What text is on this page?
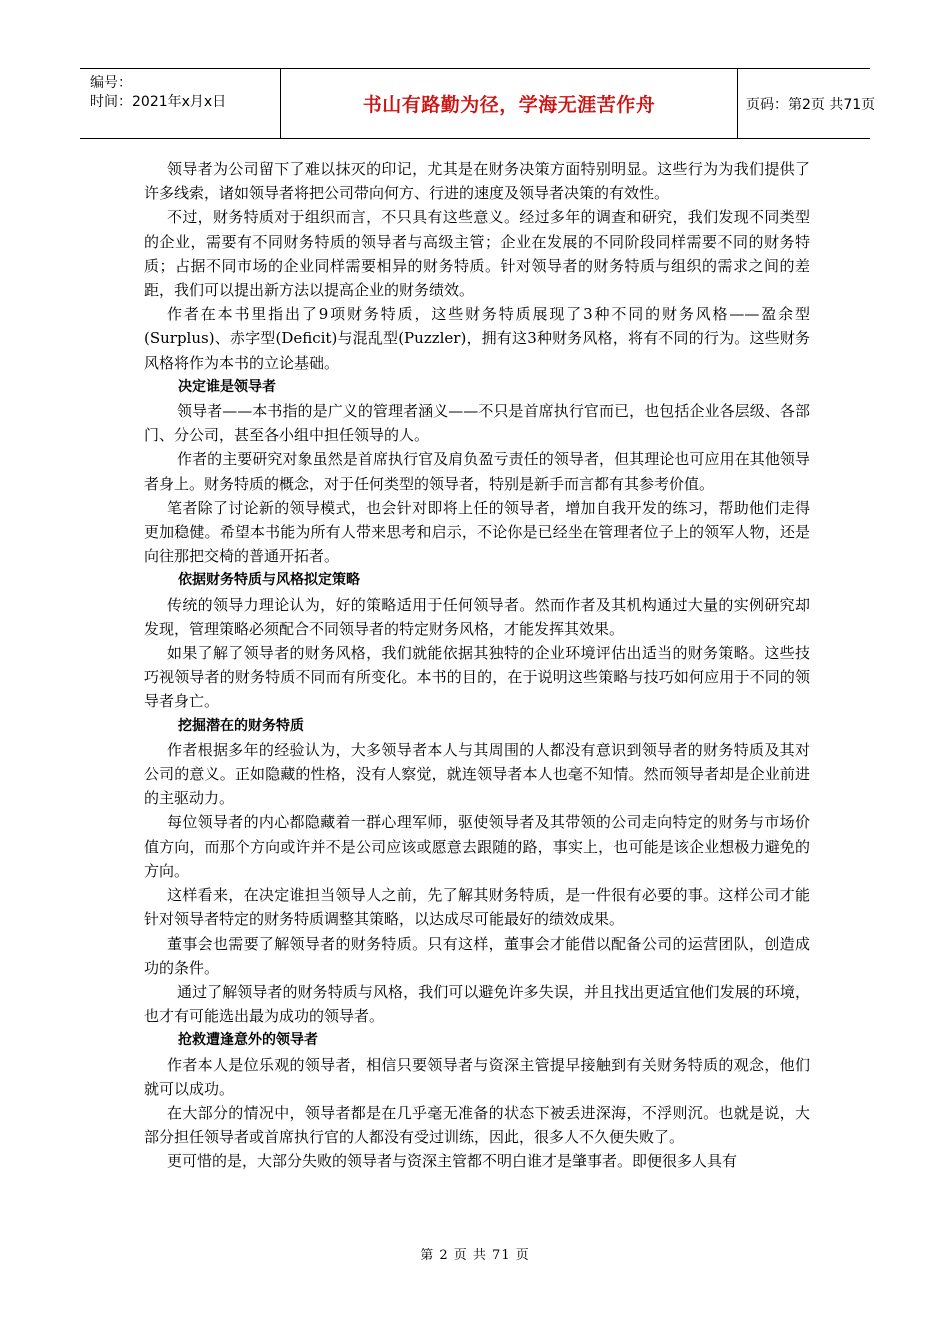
编号：
时间：2021年x月x日	书山有路勤为径，学海无涯苦作舟	页码：第2页 共71页

领导者为公司留下了难以抹灭的印记，尤其是在财务决策方面特别明显。这些行为为我们提供了许多线索，诸如领导者将把公司带向何方、行进的速度及领导者决策的有效性。

不过，财务特质对于组织而言，不只具有这些意义。经过多年的调查和研究，我们发现不同类型的企业，需要有不同财务特质的领导者与高级主管；企业在发展的不同阶段同样需要不同的财务特质；占据不同市场的企业同样需要相异的财务特质。针对领导者的财务特质与组织的需求之间的差距，我们可以提出新方法以提高企业的财务绩效。

作者在本书里指出了9项财务特质，这些财务特质展现了3种不同的财务风格——盈余型(Surplus)、赤字型(Deficit)与混乱型(Puzzler)，拥有这3种财务风格，将有不同的行为。这些财务风格将作为本书的立论基础。

决定谁是领导者

领导者——本书指的是广义的管理者涵义——不只是首席执行官而已，也包括企业各层级、各部门、分公司，甚至各小组中担任领导的人。

作者的主要研究对象虽然是首席执行官及肩负盈亏责任的领导者，但其理论也可应用在其他领导者身上。财务特质的概念，对于任何类型的领导者，特别是新手而言都有其参考价值。

笔者除了讨论新的领导模式，也会针对即将上任的领导者，增加自我开发的练习，帮助他们走得更加稳健。希望本书能为所有人带来思考和启示，不论你是已经坐在管理者位子上的领军人物，还是向往那把交椅的普通开拓者。

依据财务特质与风格拟定策略

传统的领导力理论认为，好的策略适用于任何领导者。然而作者及其机构通过大量的实例研究却发现，管理策略必须配合不同领导者的特定财务风格，才能发挥其效果。

如果了解了领导者的财务风格，我们就能依据其独特的企业环境评估出适当的财务策略。这些技巧视领导者的财务特质不同而有所变化。本书的目的，在于说明这些策略与技巧如何应用于不同的领导者身亡。

挖掘潜在的财务特质

作者根据多年的经验认为，大多领导者本人与其周围的人都没有意识到领导者的财务特质及其对公司的意义。正如隐藏的性格，没有人察觉，就连领导者本人也毫不知情。然而领导者却是企业前进的主驱动力。

每位领导者的内心都隐藏着一群心理军师，驱使领导者及其带领的公司走向特定的财务与市场价值方向，而那个方向或许并不是公司应该或愿意去跟随的路，事实上，也可能是该企业想极力避免的方向。

这样看来，在决定谁担当领导人之前，先了解其财务特质，是一件很有必要的事。这样公司才能针对领导者特定的财务特质调整其策略，以达成尽可能最好的绩效成果。

董事会也需要了解领导者的财务特质。只有这样，董事会才能借以配备公司的运营团队，创造成功的条件。

通过了解领导者的财务特质与风格，我们可以避免许多失误，并且找出更适宜他们发展的环境，也才有可能选出最为成功的领导者。

抢救遭逢意外的领导者

作者本人是位乐观的领导者，相信只要领导者与资深主管提早接触到有关财务特质的观念，他们就可以成功。

在大部分的情况中，领导者都是在几乎毫无准备的状态下被丢进深海，不浮则沉。也就是说，大部分担任领导者或首席执行官的人都没有受过训练，因此，很多人不久便失败了。

更可惜的是，大部分失败的领导者与资深主管都不明白谁才是肇事者。即便很多人具有

第 2 页 共 71 页
